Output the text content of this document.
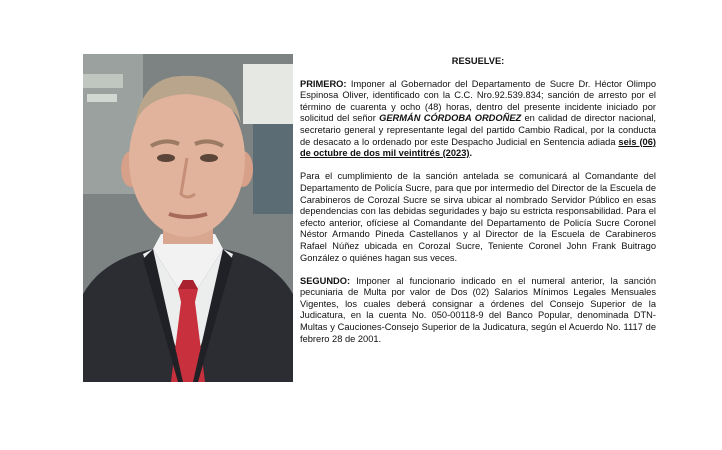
RESUELVE:

PRIMERO: Imponer al Gobernador del Departamento de Sucre Dr. Héctor Olimpo Espinosa Oliver, identificado con la C.C. Nro.92.539.834; sanción de arresto por el término de cuarenta y ocho (48) horas, dentro del presente incidente iniciado por solicitud del señor GERMÁN CÓRDOBA ORDOÑEZ en calidad de director nacional, secretario general y representante legal del partido Cambio Radical, por la conducta de desacato a lo ordenado por este Despacho Judicial en Sentencia adiada seis (06) de octubre de dos mil veintitrés (2023).

Para el cumplimiento de la sanción antelada se comunicará al Comandante del Departamento de Policía Sucre, para que por intermedio del Director de la Escuela de Carabineros de Corozal Sucre se sirva ubicar al nombrado Servidor Público en esas dependencias con las debidas seguridades y bajo su estricta responsabilidad. Para el efecto anterior, ofíciese al Comandante del Departamento de Policía Sucre Coronel Néstor Armando Pineda Castellanos y al Director de la Escuela de Carabineros Rafael Núñez ubicada en Corozal Sucre, Teniente Coronel John Frank Buitrago González o quiénes hagan sus veces.

SEGUNDO: Imponer al funcionario indicado en el numeral anterior, la sanción pecuniaria de Multa por valor de Dos (02) Salarios Mínimos Legales Mensuales Vigentes, los cuales deberá consignar a órdenes del Consejo Superior de la Judicatura, en la cuenta No. 050-00118-9 del Banco Popular, denominada DTN-Multas y Cauciones-Consejo Superior de la Judicatura, según el Acuerdo No. 1117 de febrero 28 de 2001.
